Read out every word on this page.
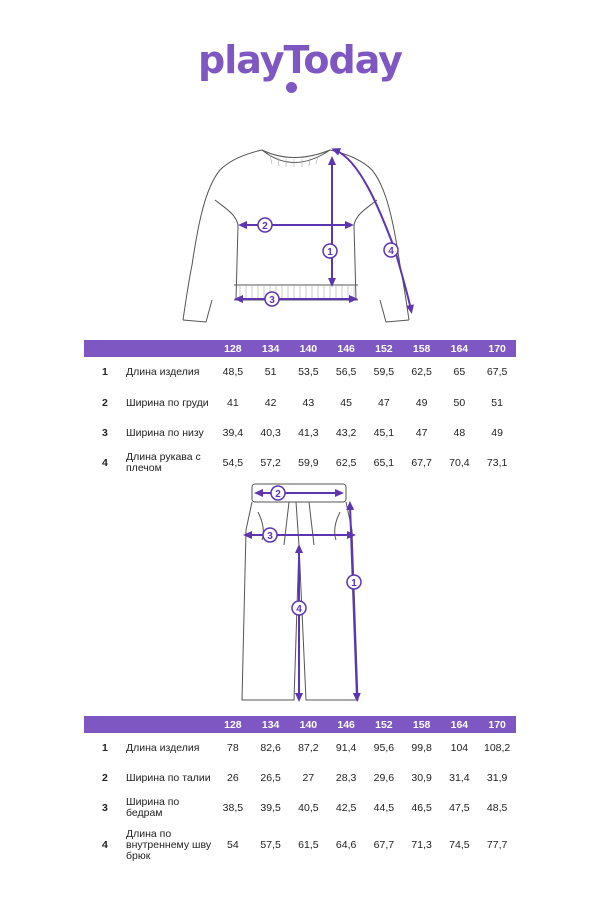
playToday
1
2
3
4
		128	134	140	146	152	158	164	170
1	Длина изделия	48,5	51	53,5	56,5	59,5	62,5	65	67,5
2	Ширина по груди	41	42	43	45	47	49	50	51
3	Ширина по низу	39,4	40,3	41,3	43,2	45,1	47	48	49
4	Длина рукава с плечом	54,5	57,2	59,9	62,5	65,1	67,7	70,4	73,1
1
2
3
4
		128	134	140	146	152	158	164	170
1	Длина изделия	78	82,6	87,2	91,4	95,6	99,8	104	108,2
2	Ширина по талии	26	26,5	27	28,3	29,6	30,9	31,4	31,9
3	Ширина по бедрам	38,5	39,5	40,5	42,5	44,5	46,5	47,5	48,5
4	Длина по внутреннему шву брюк	54	57,5	61,5	64,6	67,7	71,3	74,5	77,7
